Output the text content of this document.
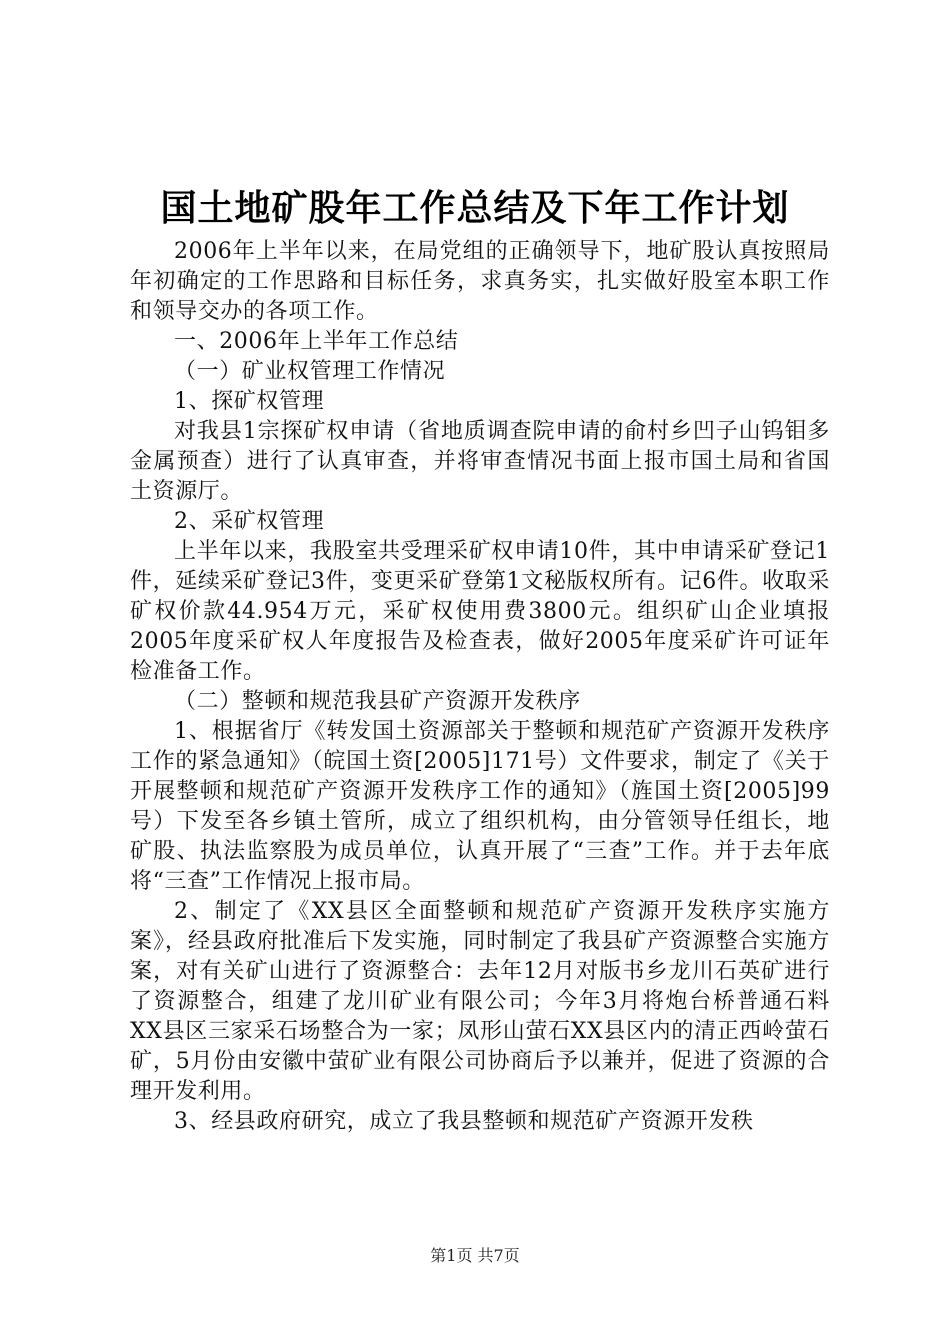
国土地矿股年工作总结及下年工作计划

2006年上半年以来，在局党组的正确领导下，地矿股认真按照局年初确定的工作思路和目标任务，求真务实，扎实做好股室本职工作和领导交办的各项工作。

一、2006年上半年工作总结

（一）矿业权管理工作情况

1、探矿权管理

对我县1宗探矿权申请（省地质调查院申请的俞村乡凹子山钨钼多金属预查）进行了认真审查，并将审查情况书面上报市国土局和省国土资源厅。

2、采矿权管理

上半年以来，我股室共受理采矿权申请10件，其中申请采矿登记1件，延续采矿登记3件，变更采矿登第1文秘版权所有。记6件。收取采矿权价款44.954万元，采矿权使用费3800元。组织矿山企业填报2005年度采矿权人年度报告及检查表，做好2005年度采矿许可证年检准备工作。

（二）整顿和规范我县矿产资源开发秩序

1、根据省厅《转发国土资源部关于整顿和规范矿产资源开发秩序工作的紧急通知》（皖国土资[2005]171号）文件要求，制定了《关于开展整顿和规范矿产资源开发秩序工作的通知》（旌国土资[2005]99号）下发至各乡镇土管所，成立了组织机构，由分管领导任组长，地矿股、执法监察股为成员单位，认真开展了“三查”工作。并于去年底将“三查”工作情况上报市局。

2、制定了《XX县区全面整顿和规范矿产资源开发秩序实施方案》，经县政府批准后下发实施，同时制定了我县矿产资源整合实施方案，对有关矿山进行了资源整合：去年12月对版书乡龙川石英矿进行了资源整合，组建了龙川矿业有限公司；今年3月将炮台桥普通石料XX县区三家采石场整合为一家；凤形山萤石XX县区内的清正西岭萤石矿，5月份由安徽中萤矿业有限公司协商后予以兼并，促进了资源的合理开发利用。

3、经县政府研究，成立了我县整顿和规范矿产资源开发秩

第1页 共7页
